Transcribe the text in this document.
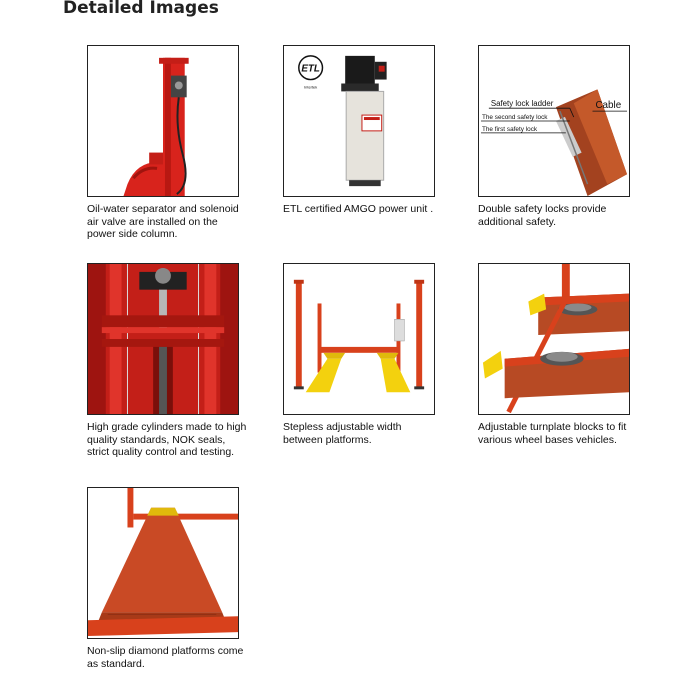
Detailed Images
Oil-water separator and solenoid air valve are installed on the power side column.
ETL
Intertek
ETL certified AMGO power unit .
Safety lock ladder	Cable
The second safety lock
The first safety lock
Double safety locks provide additional safety.
High grade cylinders made to high quality standards, NOK seals, strict quality control and testing.
Stepless adjustable width between platforms.
Adjustable turnplate blocks to fit various wheel bases vehicles.
Non-slip diamond platforms come as standard.
